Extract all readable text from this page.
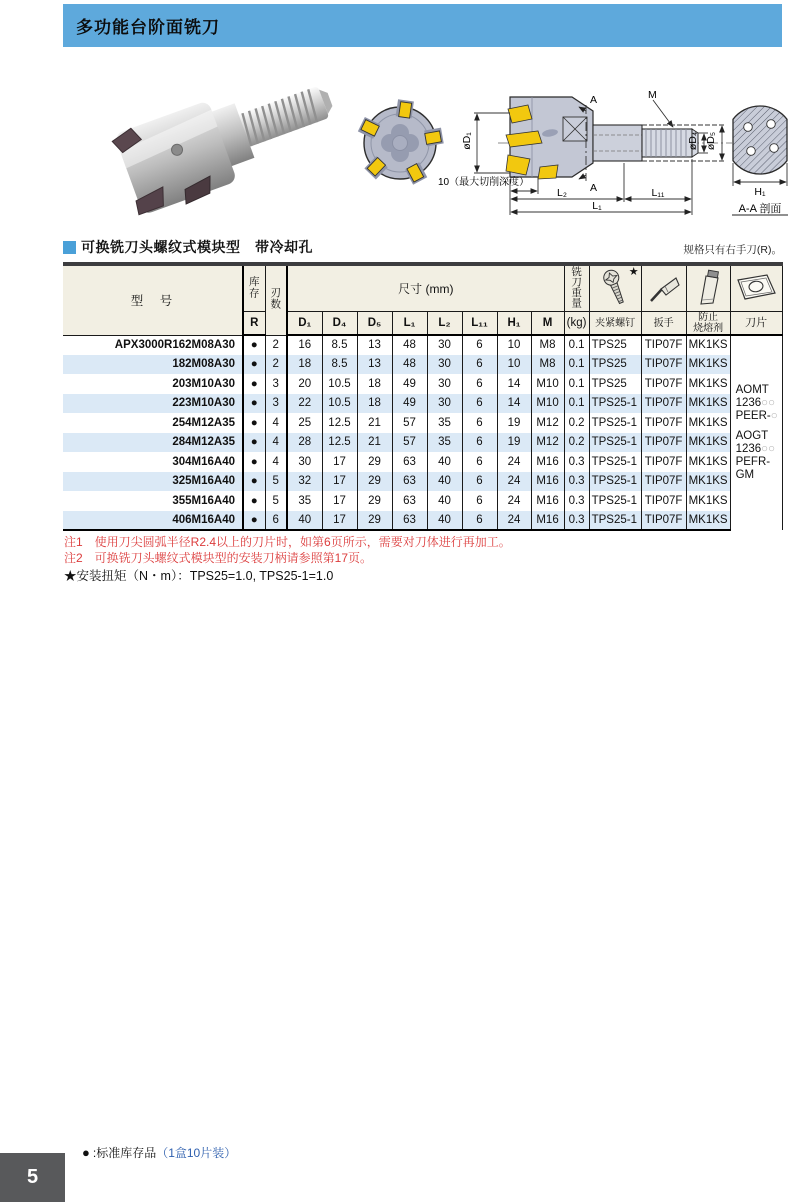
多功能台阶面铣刀
A
A
M
øD₁	øD₄ øD₅
10（最大切削深度）
L₂	L₁₁
L₁
H₁
A-A 剖面
可换铣刀头螺纹式模块型　带冷却孔	规格只有右手刀(R)。
型　号	库存	刃数	尺寸 (mm)								铣刀重量	★

	R		D₁	D₄	D₅	L₁	L₂	L₁₁	H₁	M	(kg)	夹紧螺钉	扳手	防止
烧熔剂	刀片
APX3000R162M08A30	●	2	16	8.5	13	48	30	6	10	M8	0.1	TPS25	TIP07F	MK1KS	
AOMT
1236○○
PEER-○
AOGT
1236○○
PEFR-GM

182M08A30	●	2	18	8.5	13	48	30	6	10	M8	0.1	TPS25	TIP07F	MK1KS	
203M10A30	●	3	20	10.5	18	49	30	6	14	M10	0.1	TPS25	TIP07F	MK1KS	
223M10A30	●	3	22	10.5	18	49	30	6	14	M10	0.1	TPS25-1	TIP07F	MK1KS	
254M12A35	●	4	25	12.5	21	57	35	6	19	M12	0.2	TPS25-1	TIP07F	MK1KS	
284M12A35	●	4	28	12.5	21	57	35	6	19	M12	0.2	TPS25-1	TIP07F	MK1KS	
304M16A40	●	4	30	17	29	63	40	6	24	M16	0.3	TPS25-1	TIP07F	MK1KS	
325M16A40	●	5	32	17	29	63	40	6	24	M16	0.3	TPS25-1	TIP07F	MK1KS	
355M16A40	●	5	35	17	29	63	40	6	24	M16	0.3	TPS25-1	TIP07F	MK1KS	
406M16A40	●	6	40	17	29	63	40	6	24	M16	0.3	TPS25-1	TIP07F	MK1KS	
注1　使用刀尖圆弧半径R2.4以上的刀片时，如第6页所示，需要对刀体进行再加工。
注2　可换铣刀头螺纹式模块型的安装刀柄请参照第17页。
★安装扭矩（N・m）：TPS25=1.0, TPS25-1=1.0
● :标准库存品 （1盒10片装）
5
